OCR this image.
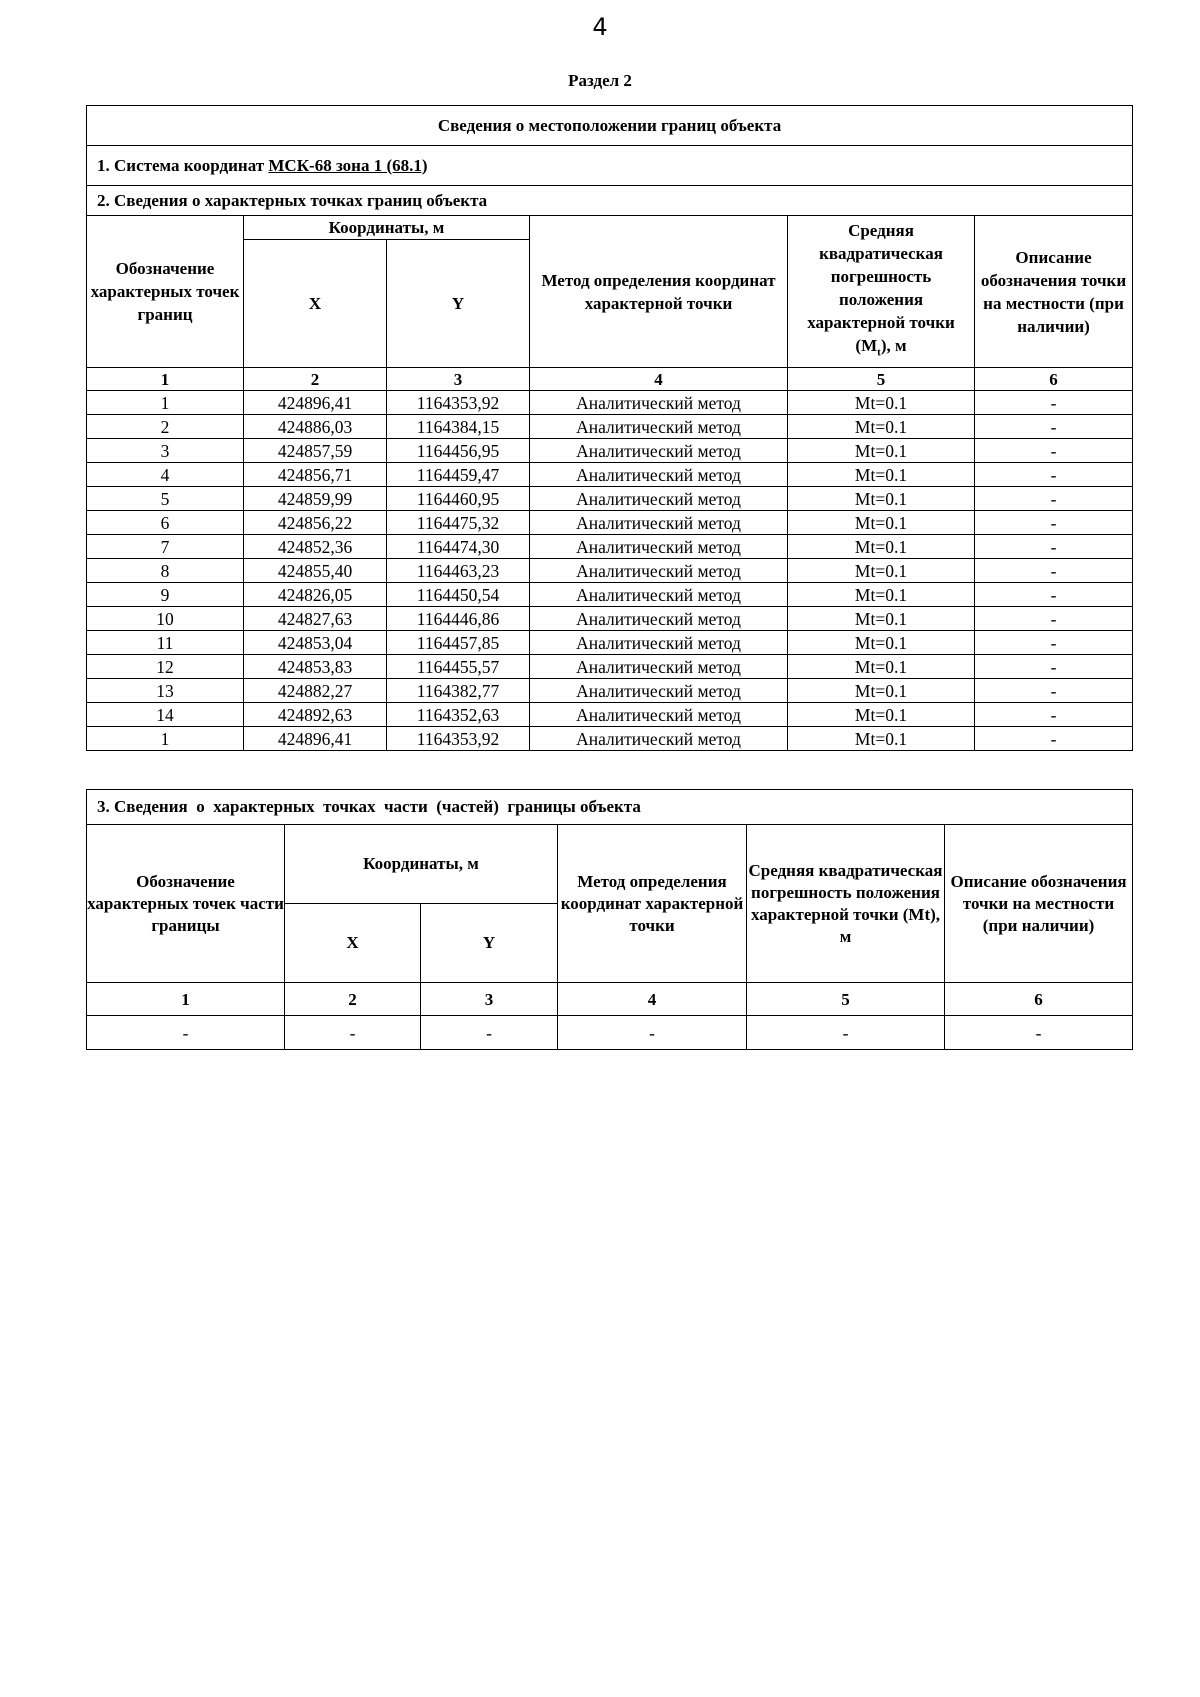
4
Раздел 2
Сведения о местоположении границ объекта					
1. Система координат МСК-68 зона 1 (68.1)					
2. Сведения о характерных точках границ объекта					
Обозначение характерных точек границ	Координаты, м		Метод определения координат характерной точки	Средняя квадратическая погрешность положения характерной точки $(M_t)$, м	Описание обозначения точки на местности (при наличии)
	X	Y			
1	2	3	4	5	6
1	424896,41	1164353,92	Аналитический метод	Mt=0.1	-
2	424886,03	1164384,15	Аналитический метод	Mt=0.1	-
3	424857,59	1164456,95	Аналитический метод	Mt=0.1	-
4	424856,71	1164459,47	Аналитический метод	Mt=0.1	-
5	424859,99	1164460,95	Аналитический метод	Mt=0.1	-
6	424856,22	1164475,32	Аналитический метод	Mt=0.1	-
7	424852,36	1164474,30	Аналитический метод	Mt=0.1	-
8	424855,40	1164463,23	Аналитический метод	Mt=0.1	-
9	424826,05	1164450,54	Аналитический метод	Mt=0.1	-
10	424827,63	1164446,86	Аналитический метод	Mt=0.1	-
11	424853,04	1164457,85	Аналитический метод	Mt=0.1	-
12	424853,83	1164455,57	Аналитический метод	Mt=0.1	-
13	424882,27	1164382,77	Аналитический метод	Mt=0.1	-
14	424892,63	1164352,63	Аналитический метод	Mt=0.1	-
1	424896,41	1164353,92	Аналитический метод	Mt=0.1	-
3. Сведения  о  характерных  точках  части  (частей)  границы объекта					
Обозначение характерных точек части границы	Координаты, м		Метод определения координат характерной точки	Средняя квадратическая погрешность положения характерной точки (Mt), м	Описание обозначения точки на местности (при наличии)
	X	Y			
1	2	3	4	5	6
-	-	-	-	-	-
